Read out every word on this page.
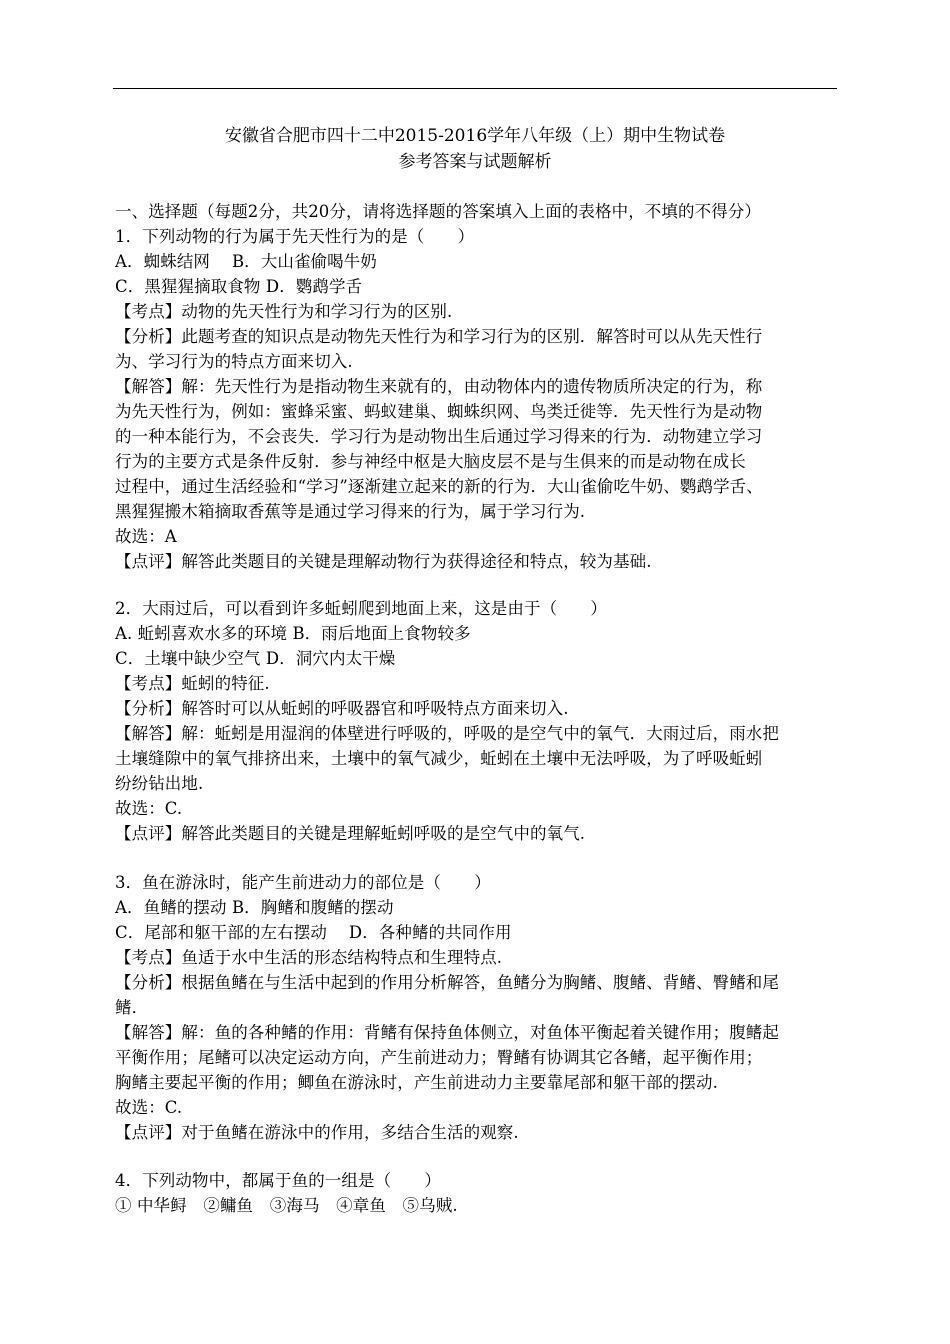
安徽省合肥市四十二中2015-2016学年八年级（上）期中生物试卷
参考答案与试题解析
一、选择题（每题2分，共20分，请将选择题的答案填入上面的表格中，不填的不得分）
1．下列动物的行为属于先天性行为的是（　　）
A．蜘蛛结网　 B．大山雀偷喝牛奶
C．黑猩猩摘取食物 D．鹦鹉学舌
【考点】动物的先天性行为和学习行为的区别.
【分析】此题考查的知识点是动物先天性行为和学习行为的区别．解答时可以从先天性行
为、学习行为的特点方面来切入.
【解答】解：先天性行为是指动物生来就有的，由动物体内的遗传物质所决定的行为，称
为先天性行为，例如：蜜蜂采蜜、蚂蚁建巢、蜘蛛织网、鸟类迁徙等．先天性行为是动物
的一种本能行为，不会丧失．学习行为是动物出生后通过学习得来的行为．动物建立学习
行为的主要方式是条件反射．参与神经中枢是大脑皮层不是与生俱来的而是动物在成长
过程中，通过生活经验和“学习”逐渐建立起来的新的行为．大山雀偷吃牛奶、鹦鹉学舌、
黑猩猩搬木箱摘取香蕉等是通过学习得来的行为，属于学习行为.
故选：A
【点评】解答此类题目的关键是理解动物行为获得途径和特点，较为基础.
2．大雨过后，可以看到许多蚯蚓爬到地面上来，这是由于（　　）
A. 蚯蚓喜欢水多的环境 B．雨后地面上食物较多
C．土壤中缺少空气 D．洞穴内太干燥
【考点】蚯蚓的特征.
【分析】解答时可以从蚯蚓的呼吸器官和呼吸特点方面来切入.
【解答】解：蚯蚓是用湿润的体壁进行呼吸的，呼吸的是空气中的氧气．大雨过后，雨水把
土壤缝隙中的氧气排挤出来，土壤中的氧气减少，蚯蚓在土壤中无法呼吸，为了呼吸蚯蚓
纷纷钻出地.
故选：C.
【点评】解答此类题目的关键是理解蚯蚓呼吸的是空气中的氧气.
3．鱼在游泳时，能产生前进动力的部位是（　　）
A．鱼鳍的摆动 B．胸鳍和腹鳍的摆动
C．尾部和躯干部的左右摆动　 D．各种鳍的共同作用
【考点】鱼适于水中生活的形态结构特点和生理特点.
【分析】根据鱼鳍在与生活中起到的作用分析解答，鱼鳍分为胸鳍、腹鳍、背鳍、臀鳍和尾
鳍．
【解答】解：鱼的各种鳍的作用：背鳍有保持鱼体侧立，对鱼体平衡起着关键作用；腹鳍起
平衡作用；尾鳍可以决定运动方向，产生前进动力；臀鳍有协调其它各鳍，起平衡作用；
胸鳍主要起平衡的作用；鲫鱼在游泳时，产生前进动力主要靠尾部和躯干部的摆动.
故选：C.
【点评】对于鱼鳍在游泳中的作用，多结合生活的观察.
4．下列动物中，都属于鱼的一组是（　　）
① 中华鲟　②鳙鱼　③海马　④章鱼　⑤乌贼.
